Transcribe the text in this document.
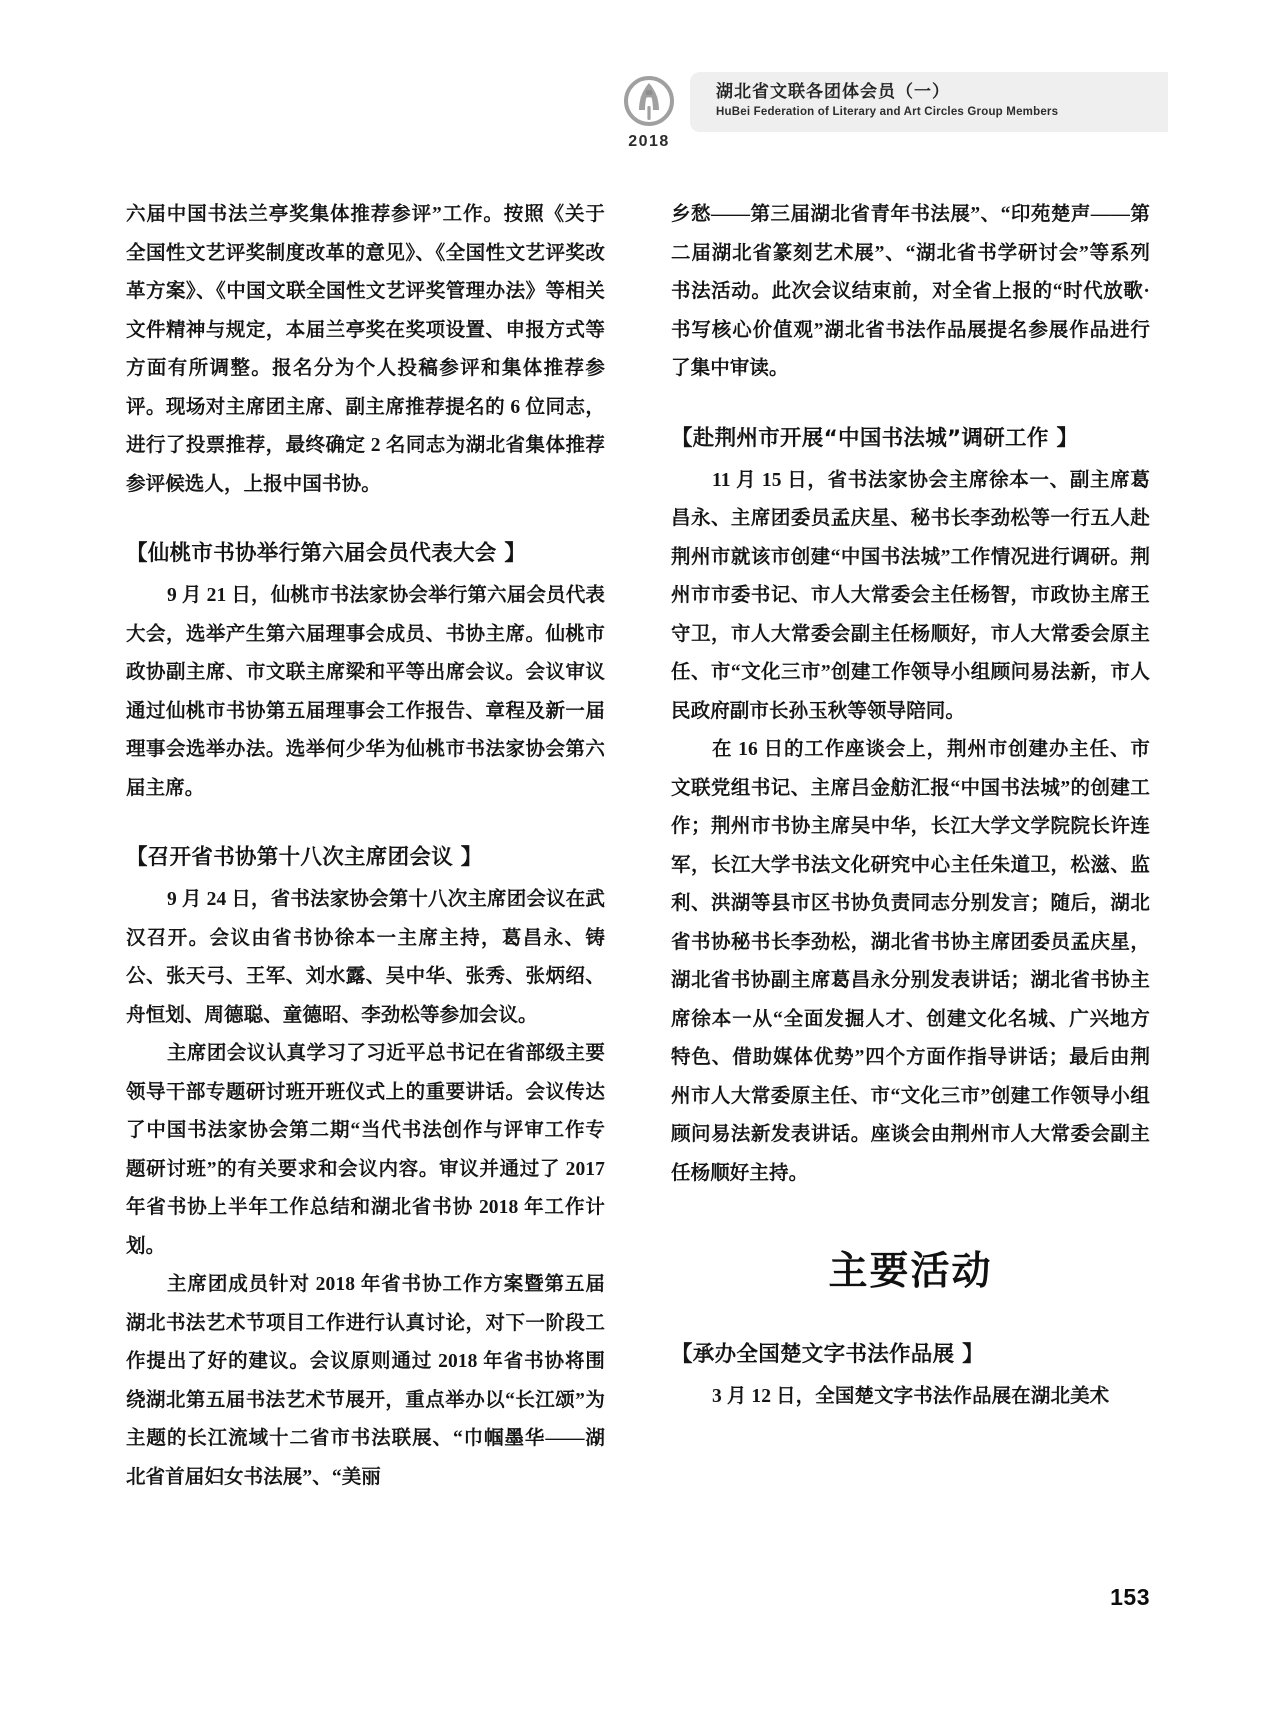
2018
湖北省文联各团体会员（一）
HuBei Federation of Literary and Art Circles Group Members

六届中国书法兰亭奖集体推荐参评”工作。按照《关于全国性文艺评奖制度改革的意见》、《全国性文艺评奖改革方案》、《中国文联全国性文艺评奖管理办法》等相关文件精神与规定，本届兰亭奖在奖项设置、申报方式等方面有所调整。报名分为个人投稿参评和集体推荐参评。现场对主席团主席、副主席推荐提名的 6 位同志，进行了投票推荐，最终确定 2 名同志为湖北省集体推荐参评候选人，上报中国书协。

【仙桃市书协举行第六届会员代表大会 】

9 月 21 日，仙桃市书法家协会举行第六届会员代表大会，选举产生第六届理事会成员、书协主席。仙桃市政协副主席、市文联主席梁和平等出席会议。会议审议通过仙桃市书协第五届理事会工作报告、章程及新一届理事会选举办法。选举何少华为仙桃市书法家协会第六届主席。

【召开省书协第十八次主席团会议 】

9 月 24 日，省书法家协会第十八次主席团会议在武汉召开。会议由省书协徐本一主席主持，葛昌永、铸公、张天弓、王军、刘水露、吴中华、张秀、张炳绍、舟恒划、周德聪、童德昭、李劲松等参加会议。

主席团会议认真学习了习近平总书记在省部级主要领导干部专题研讨班开班仪式上的重要讲话。会议传达了中国书法家协会第二期“当代书法创作与评审工作专题研讨班”的有关要求和会议内容。审议并通过了 2017 年省书协上半年工作总结和湖北省书协 2018 年工作计划。

主席团成员针对 2018 年省书协工作方案暨第五届湖北书法艺术节项目工作进行认真讨论，对下一阶段工作提出了好的建议。会议原则通过 2018 年省书协将围绕湖北第五届书法艺术节展开，重点举办以“长江颂”为主题的长江流域十二省市书法联展、“巾帼墨华——湖北省首届妇女书法展”、“美丽

乡愁——第三届湖北省青年书法展”、“印苑楚声——第二届湖北省篆刻艺术展”、“湖北省书学研讨会”等系列书法活动。此次会议结束前，对全省上报的“时代放歌·书写核心价值观”湖北省书法作品展提名参展作品进行了集中审读。

【赴荆州市开展“中国书法城”调研工作 】

11 月 15 日，省书法家协会主席徐本一、副主席葛昌永、主席团委员孟庆星、秘书长李劲松等一行五人赴荆州市就该市创建“中国书法城”工作情况进行调研。荆州市市委书记、市人大常委会主任杨智，市政协主席王守卫，市人大常委会副主任杨顺好，市人大常委会原主任、市“文化三市”创建工作领导小组顾问易法新，市人民政府副市长孙玉秋等领导陪同。

在 16 日的工作座谈会上，荆州市创建办主任、市文联党组书记、主席吕金舫汇报“中国书法城”的创建工作；荆州市书协主席吴中华，长江大学文学院院长许连军，长江大学书法文化研究中心主任朱道卫，松滋、监利、洪湖等县市区书协负责同志分别发言；随后，湖北省书协秘书长李劲松，湖北省书协主席团委员孟庆星，湖北省书协副主席葛昌永分别发表讲话；湖北省书协主席徐本一从“全面发掘人才、创建文化名城、广兴地方特色、借助媒体优势”四个方面作指导讲话；最后由荆州市人大常委原主任、市“文化三市”创建工作领导小组顾问易法新发表讲话。座谈会由荆州市人大常委会副主任杨顺好主持。

主要活动
【承办全国楚文字书法作品展 】

3 月 12 日，全国楚文字书法作品展在湖北美术

153
